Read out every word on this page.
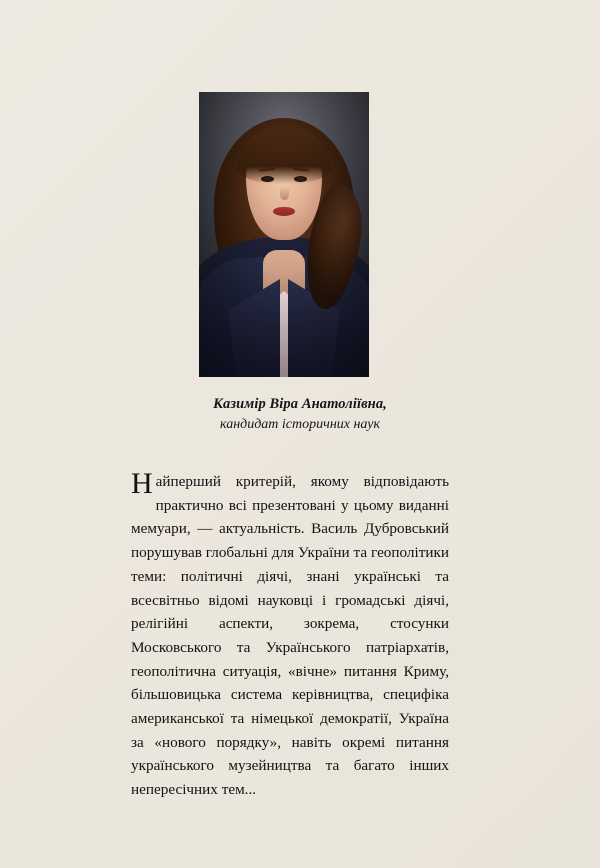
Казимір Віра Анатоліївна,
кандидат історичних наук
Найперший критерій, якому відповідають практично всі презентовані у цьому виданні мемуари, — актуальність. Василь Дубровський порушував глобальні для України та геополітики теми: політичні діячі, знані українські та всесвітньо відомі науковці і громадські діячі, релігійні аспекти, зокрема, стосунки Московського та Українського патріархатів, геополітична ситуація, «вічне» питання Криму, більшовицька система керівництва, специфіка американської та німецької демократії, Україна за «нового порядку», навіть окремі питання українського музейництва та багато інших непересічних тем...
